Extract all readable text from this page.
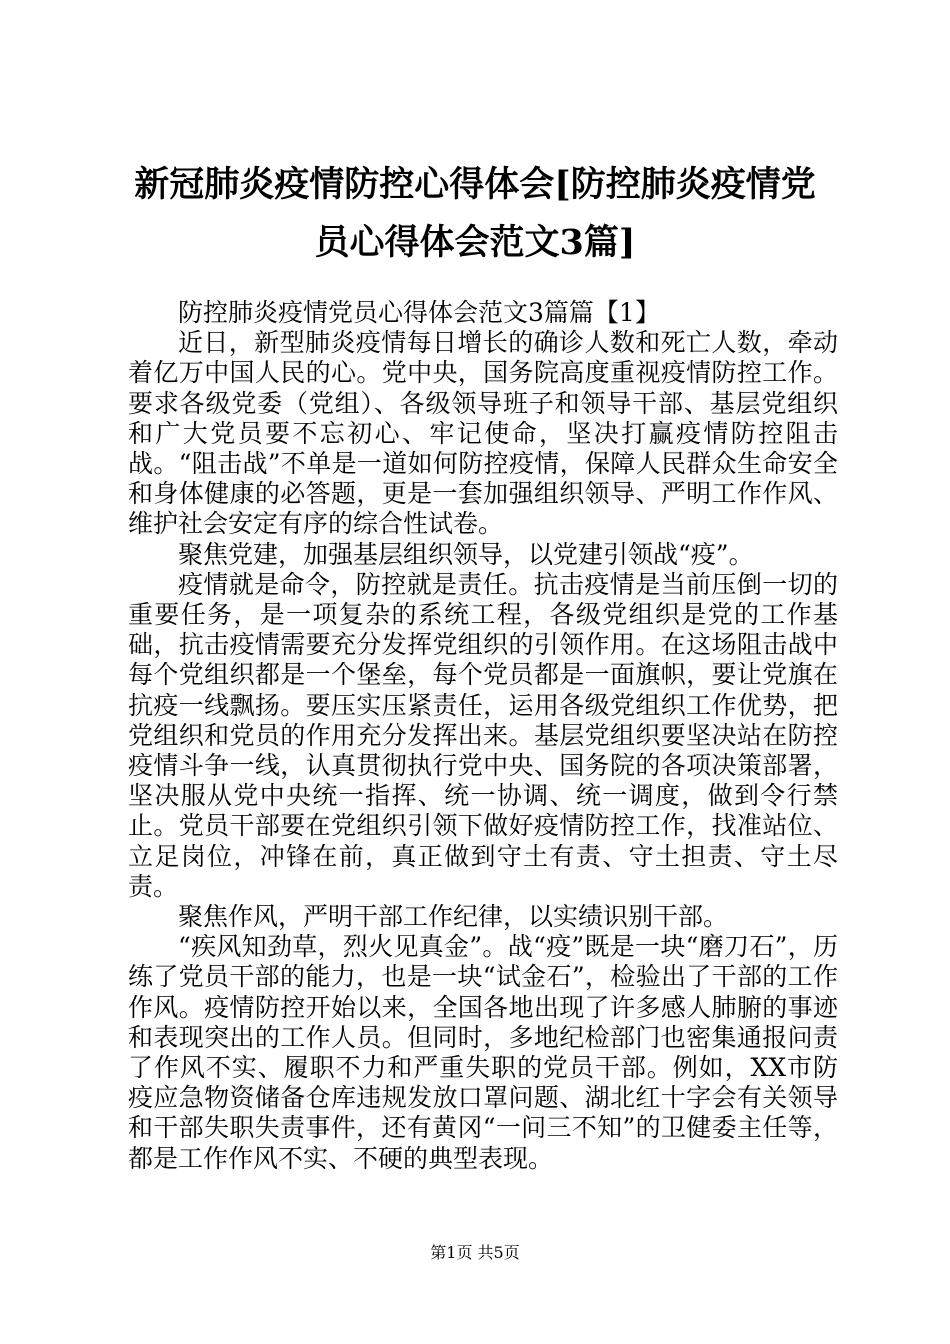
新冠肺炎疫情防控心得体会[防控肺炎疫情党
员心得体会范文3篇]

防控肺炎疫情党员心得体会范文3篇篇【1】

近日，新型肺炎疫情每日增长的确诊人数和死亡人数，牵动着亿万中国人民的心。党中央，国务院高度重视疫情防控工作。要求各级党委（党组）、各级领导班子和领导干部、基层党组织和广大党员要不忘初心、牢记使命，坚决打赢疫情防控阻击战。“阻击战”不单是一道如何防控疫情，保障人民群众生命安全和身体健康的必答题，更是一套加强组织领导、严明工作作风、维护社会安定有序的综合性试卷。

聚焦党建，加强基层组织领导，以党建引领战“疫”。

疫情就是命令，防控就是责任。抗击疫情是当前压倒一切的重要任务，是一项复杂的系统工程，各级党组织是党的工作基础，抗击疫情需要充分发挥党组织的引领作用。在这场阻击战中每个党组织都是一个堡垒，每个党员都是一面旗帜，要让党旗在抗疫一线飘扬。要压实压紧责任，运用各级党组织工作优势，把党组织和党员的作用充分发挥出来。基层党组织要坚决站在防控疫情斗争一线，认真贯彻执行党中央、国务院的各项决策部署，坚决服从党中央统一指挥、统一协调、统一调度，做到令行禁止。党员干部要在党组织引领下做好疫情防控工作，找准站位、立足岗位，冲锋在前，真正做到守土有责、守土担责、守土尽责。

聚焦作风，严明干部工作纪律，以实绩识别干部。

“疾风知劲草，烈火见真金”。战“疫”既是一块“磨刀石”，历练了党员干部的能力，也是一块“试金石”，检验出了干部的工作作风。疫情防控开始以来，全国各地出现了许多感人肺腑的事迹和表现突出的工作人员。但同时，多地纪检部门也密集通报问责了作风不实、履职不力和严重失职的党员干部。例如，XX市防疫应急物资储备仓库违规发放口罩问题、湖北红十字会有关领导和干部失职失责事件，还有黄冈“一问三不知”的卫健委主任等，都是工作作风不实、不硬的典型表现。

第1页 共5页
